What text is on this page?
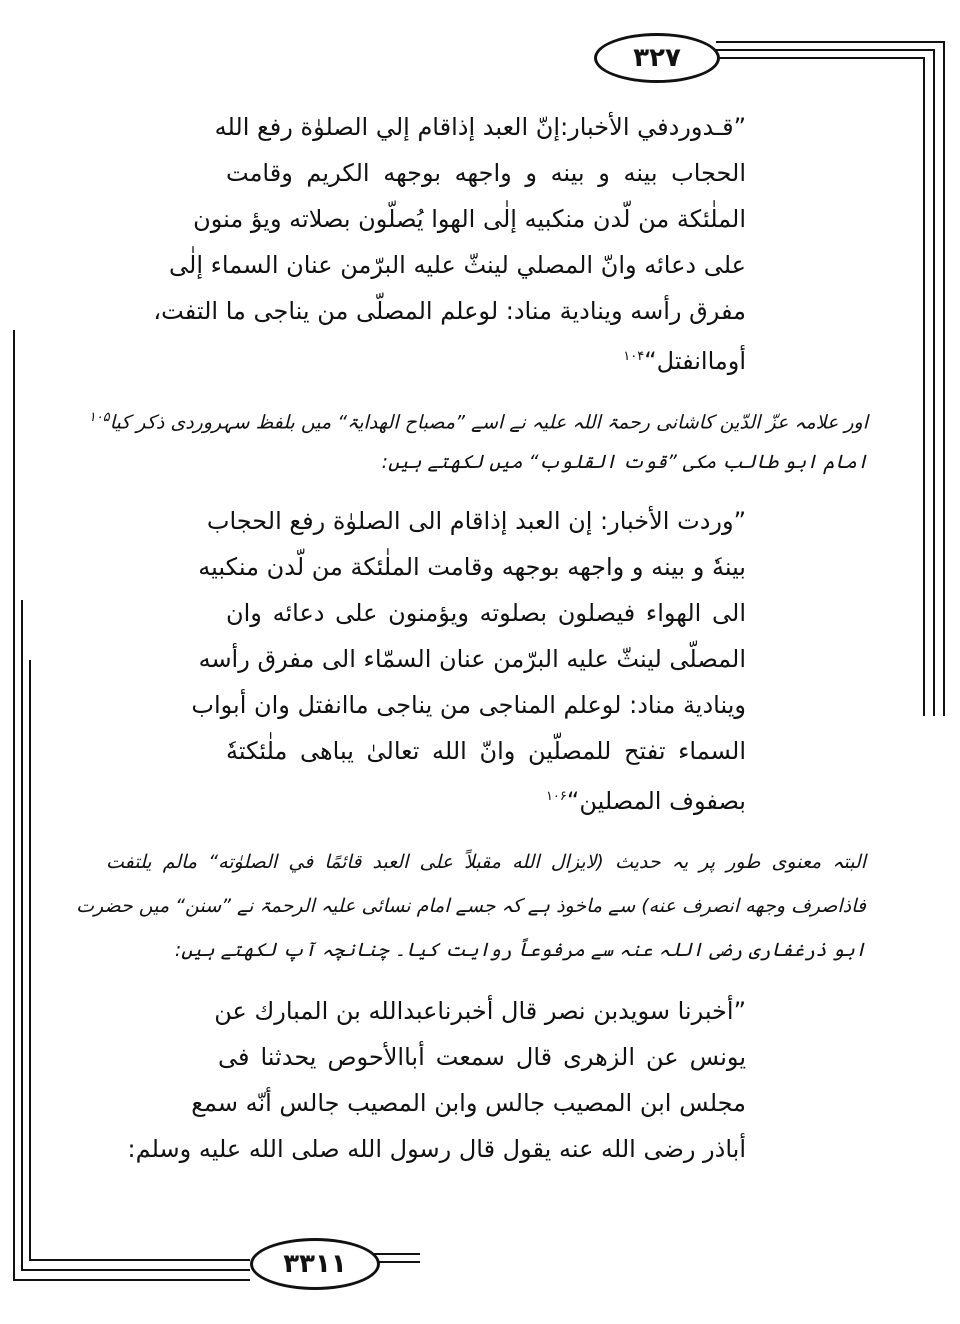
٣٢٧
٣٣١١
”قـدوردفي الأخبار:إنّ العبد إذاقام إلي الصلوٰة رفع الله
الحجاب بينه و بينه و واجهه بوجهه الكريم وقامت
الملٰئكة من لّدن منكبيه إلٰى الهوا يُصلّون بصلاته ويؤ منون
على دعائه وانّ المصلي لينثّ عليه البرّمن عنان السماء إلٰى
مفرق رأسه وينادية مناد: لوعلم المصلّى من يناجى ما التفت،
أوماانفتل“$^{۱۰۴}$
اور علامہ عزّ الدّین کاشانی رحمۃ اللہ علیہ نے اسے ”مصباح الھدایۃ“ میں بلفظ سہروردی ذکر کیا$^{۱۰۵}$
امام ابو طالب مکی ”قوت القلوب“ میں لکھتے ہیں:
”وردت الأخبار: إن العبد إذاقام الى الصلوٰة رفع الحجاب
بينهٗ و بينه و واجهه بوجهه وقامت الملٰئكة من لّدن منكبيه
الى الهواء فيصلون بصلوته ويؤمنون على دعائه وان
المصلّى لينثّ عليه البرّمن عنان السمّاء الى مفرق رأسه
وينادية مناد: لوعلم المناجى من يناجى ماانفتل وان أبواب
السماء تفتح للمصلّين وانّ الله تعالىٰ يباهى ملٰئكتهٗ
بصفوف المصلين“$^{۱۰۶}$
البتہ معنوی طور پر یہ حدیث (لايزال الله مقبلاً على العبد قائمًا في الصلوٰته“ مالم يلتفت
فاذاصرف وجهه انصرف عنه) سے ماخوذ ہے کہ جسے امام نسائی علیہ الرحمۃ نے ”سنن“ میں حضرت
ابو ذرغفاری رضی اللہ عنہ سے مرفوعاً روایت کیا۔ چنانچہ آپ لکھتے ہیں:
”أخبرنا سويدبن نصر قال أخبرناعبدالله بن المبارك عن
يونس عن الزهرى قال سمعت أباالأحوص يحدثنا فى
مجلس ابن المصيب جالس وابن المصيب جالس أنّه سمع
أباذر رضى الله عنه يقول قال رسول الله صلى الله عليه وسلم:
